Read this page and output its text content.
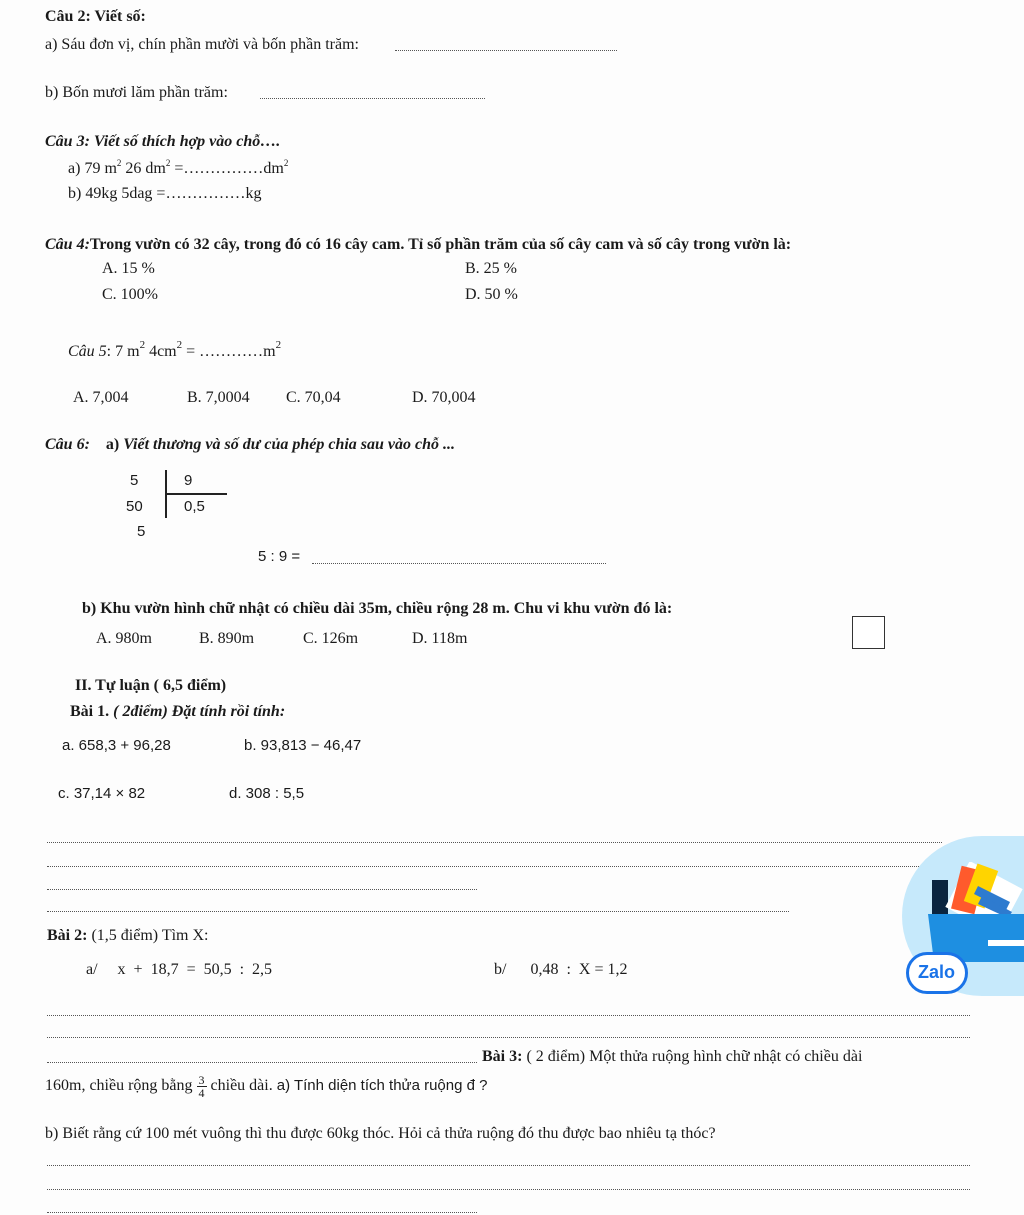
Câu 2: Viết số:
a) Sáu đơn vị, chín phần mười và bốn phần trăm:
b) Bốn mươi lăm phần trăm:
Câu 3: Viết số thích hợp vào chỗ….
a) 79 $m^2$ 26 $dm^2$ $=\dots\dots\dots\dots\dots dm^2$
b) 49kg 5dag =……………kg
Câu 4:Trong vườn có 32 cây, trong đó có 16 cây cam. Tỉ số phần trăm của số cây cam và số cây trong vườn là:
A. 15 %	B. 25 %
C. 100%	D. 50 %
Câu 5: 7 $m^2$ $4cm^2$ = $\dots\dots\dots\dots m^2$
A. 7,004	B. 7,0004 C. 70,04	D. 70,004
Câu 6: a) Viết thương và số dư của phép chia sau vào chỗ ...
5	9
50	0,5
5
5 : 9 =
b) Khu vườn hình chữ nhật có chiều dài 35m, chiều rộng 28 m. Chu vi khu vườn đó là:
A. 980m	B. 890m	C. 126m	D. 118m
II. Tự luận ( 6,5 điểm)
Bài 1. ( 2điểm) Đặt tính rồi tính:
a. 658,3 + 96,28	b. 93,813 − 46,47
c. 37,14 × 82	d. 308 : 5,5
Bài 2: (1,5 điểm) Tìm X:
a/     x  +  18,7  =  50,5  :  2,5	b/      0,48  :  X = 1,2
Bài 3: ( 2 điểm) Một thửa ruộng hình chữ nhật có chiều dài
160m, chiều rộng bằng $\frac{3}{4}$ chiều dài. a) Tính diện tích thửa ruộng đ ?
b) Biết rằng cứ 100 mét vuông thì thu được 60kg thóc. Hỏi cả thửa ruộng đó thu được bao nhiêu tạ thóc?
Zalo
